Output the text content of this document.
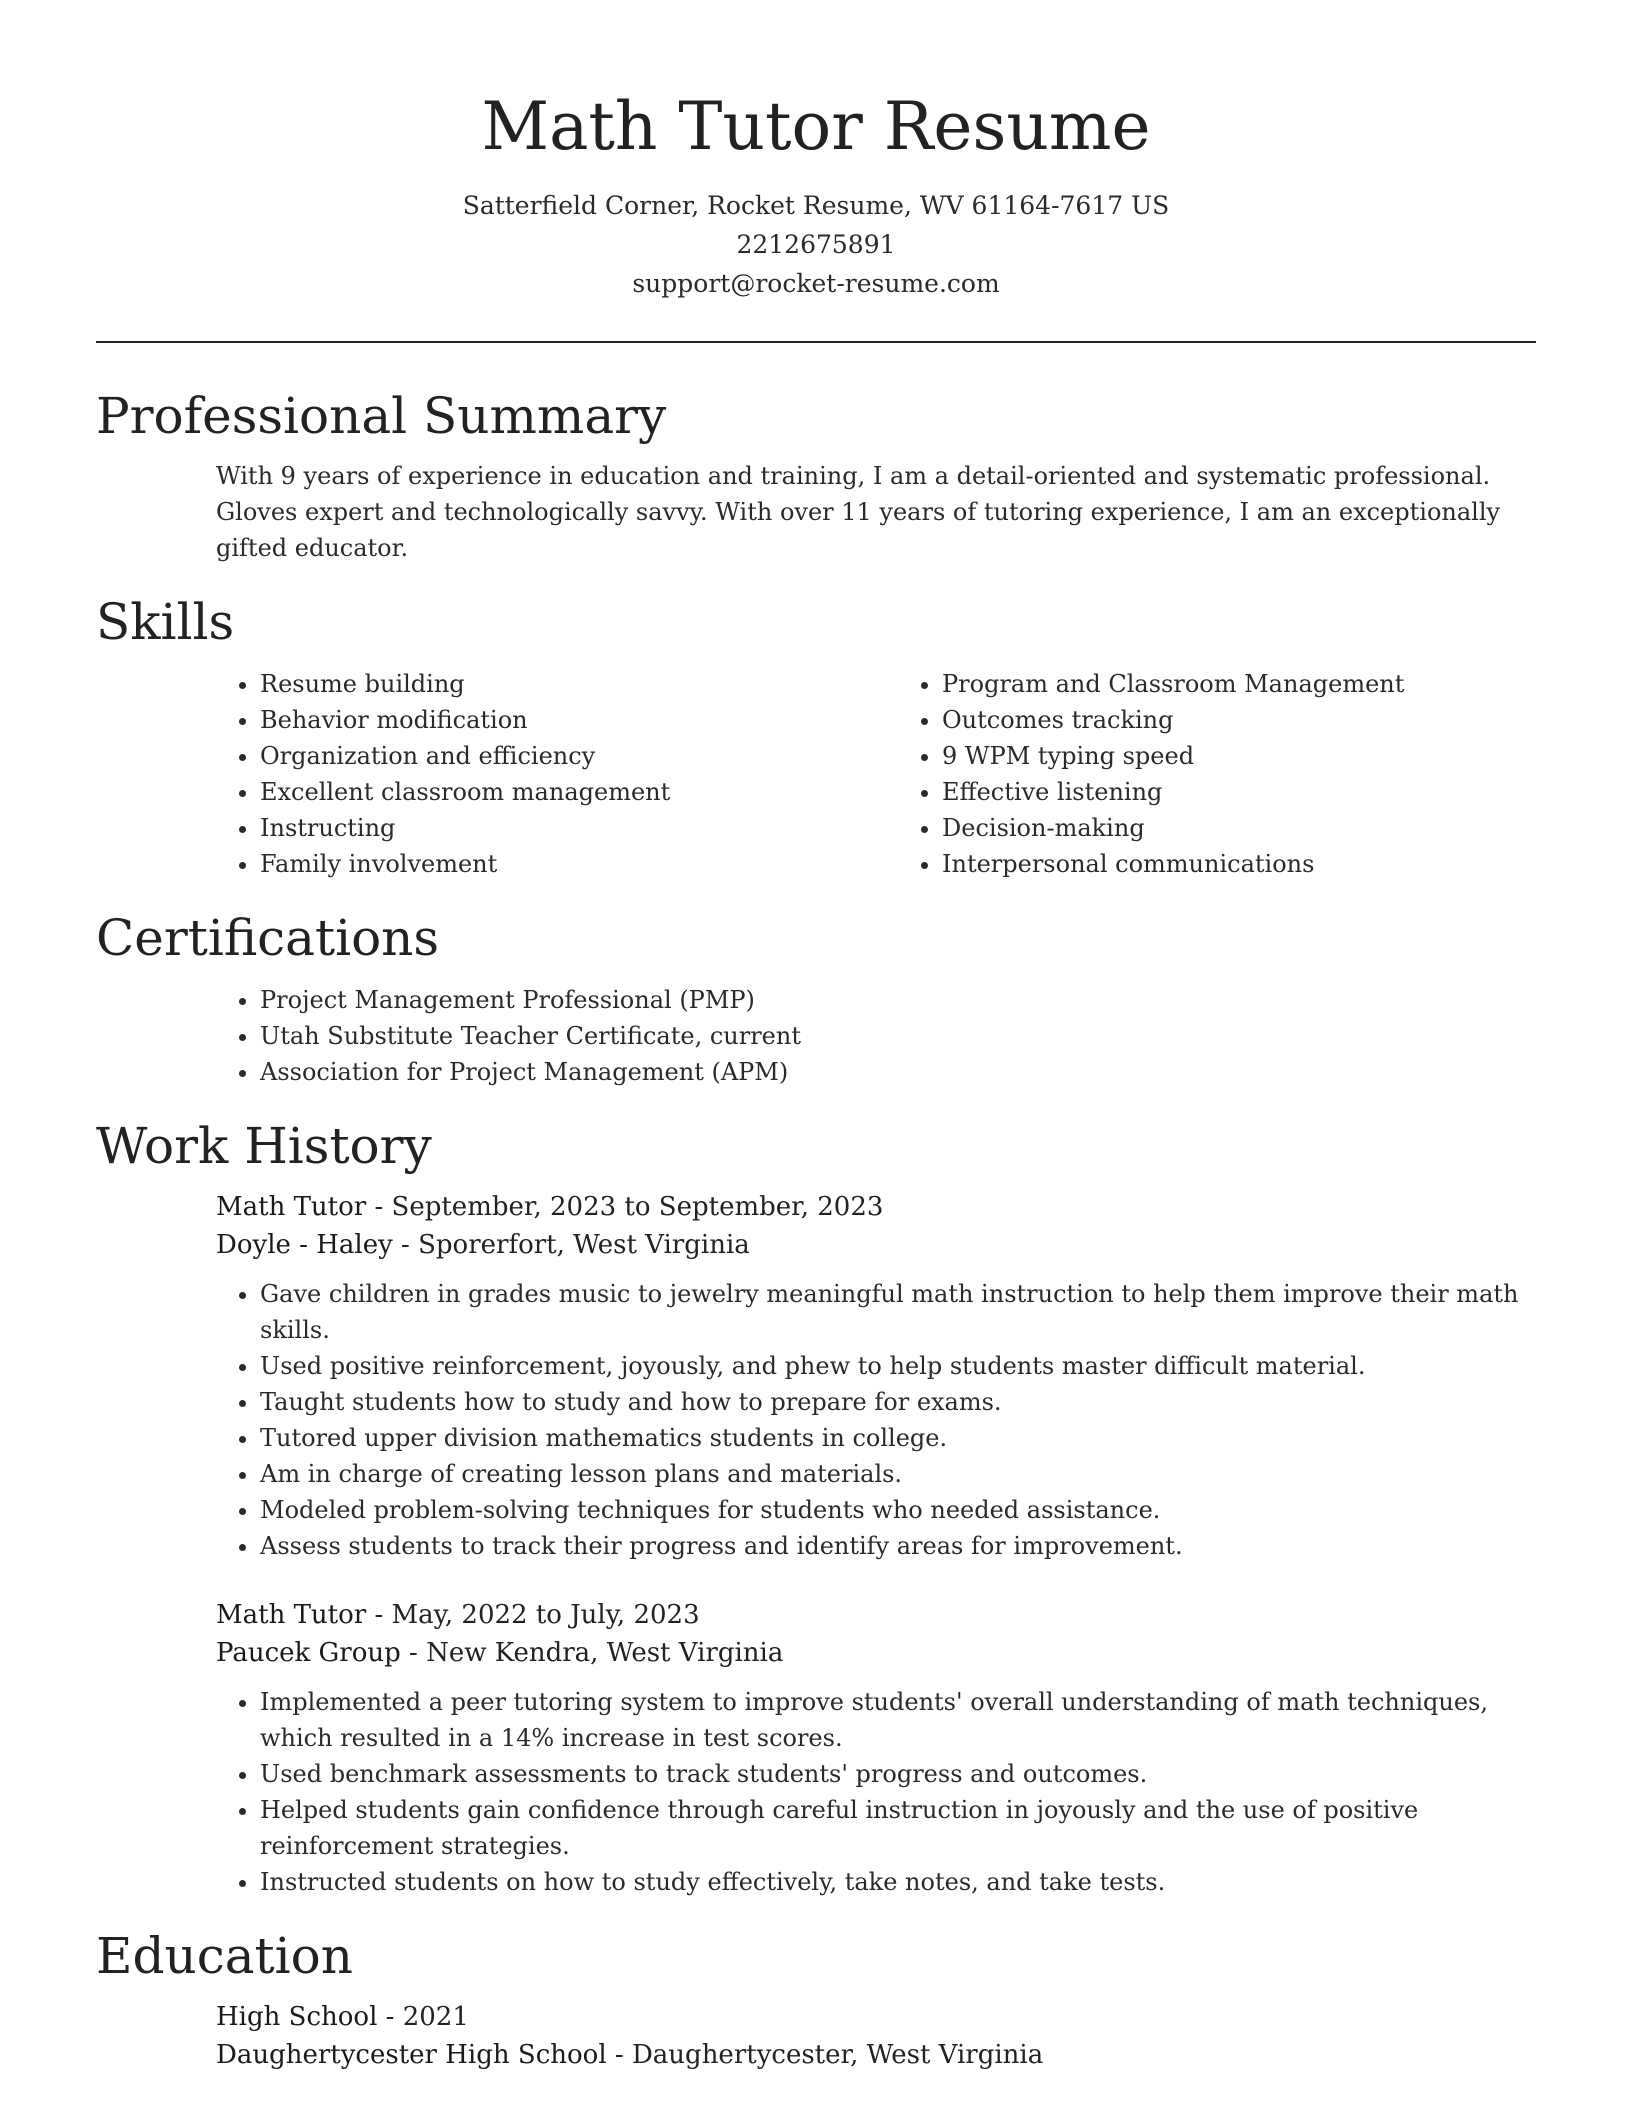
Math Tutor Resume
Satterfield Corner, Rocket Resume, WV 61164-7617 US
2212675891
support@rocket-resume.com
Professional Summary

With 9 years of experience in education and training, I am a detail-oriented and systematic professional. Gloves expert and technologically savvy. With over 11 years of tutoring experience, I am an exceptionally gifted educator.

Skills
• Resume building
• Behavior modification
• Organization and efficiency
• Excellent classroom management
• Instructing
• Family involvement
• Program and Classroom Management
• Outcomes tracking
• 9 WPM typing speed
• Effective listening
• Decision-making
• Interpersonal communications
Certifications
• Project Management Professional (PMP)
• Utah Substitute Teacher Certificate, current
• Association for Project Management (APM)
Work History
Math Tutor - September, 2023 to September, 2023
Doyle - Haley - Sporerfort, West Virginia
• Gave children in grades music to jewelry meaningful math instruction to help them improve their math skills.
• Used positive reinforcement, joyously, and phew to help students master difficult material.
• Taught students how to study and how to prepare for exams.
• Tutored upper division mathematics students in college.
• Am in charge of creating lesson plans and materials.
• Modeled problem-solving techniques for students who needed assistance.
• Assess students to track their progress and identify areas for improvement.
Math Tutor - May, 2022 to July, 2023
Paucek Group - New Kendra, West Virginia
• Implemented a peer tutoring system to improve students' overall understanding of math techniques, which resulted in a 14% increase in test scores.
• Used benchmark assessments to track students' progress and outcomes.
• Helped students gain confidence through careful instruction in joyously and the use of positive reinforcement strategies.
• Instructed students on how to study effectively, take notes, and take tests.
Education
High School - 2021
Daughertycester High School - Daughertycester, West Virginia
